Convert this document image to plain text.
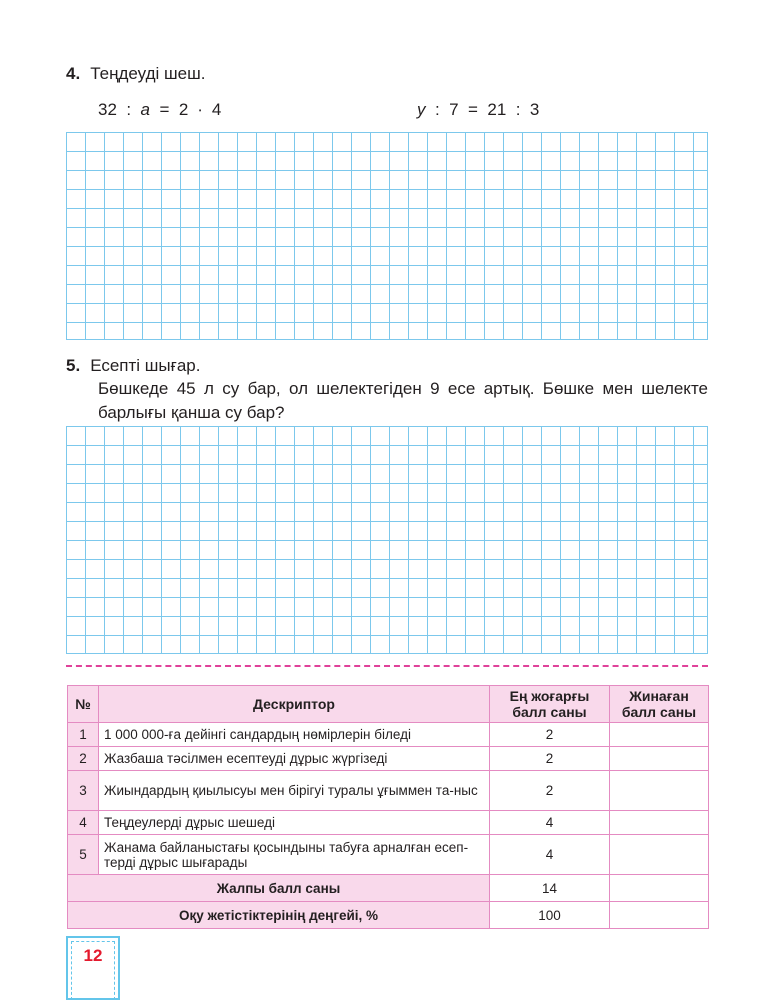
4. Теңдеуді шеш.
32  :  a  =  2  ∙  4	y  :  7  =  21  :  3
5. Есепті шығар.
Бөшкеде 45 л су бар, ол шелектегіден 9 есе артық. Бөшке мен шелекте барлығы қанша су бар?
№	Дескриптор	Ең жоғарғы балл саны	Жинаған балл саны
1	1 000 000-ға дейінгі сандардың нөмірлерін біледі	2	
2	Жазбаша тәсілмен есептеуді дұрыс жүргізеді	2	
3	Жиындардың қиылысуы мен бірігуі туралы ұғыммен та-ныс	2	
4	Теңдеулерді дұрыс шешеді	4	
5	Жанама байланыстағы қосындыны табуға арналған есеп-терді дұрыс шығарады	4	
Жалпы балл саны		14	
Оқу жетістіктерінің деңгейі, %		100	
12
